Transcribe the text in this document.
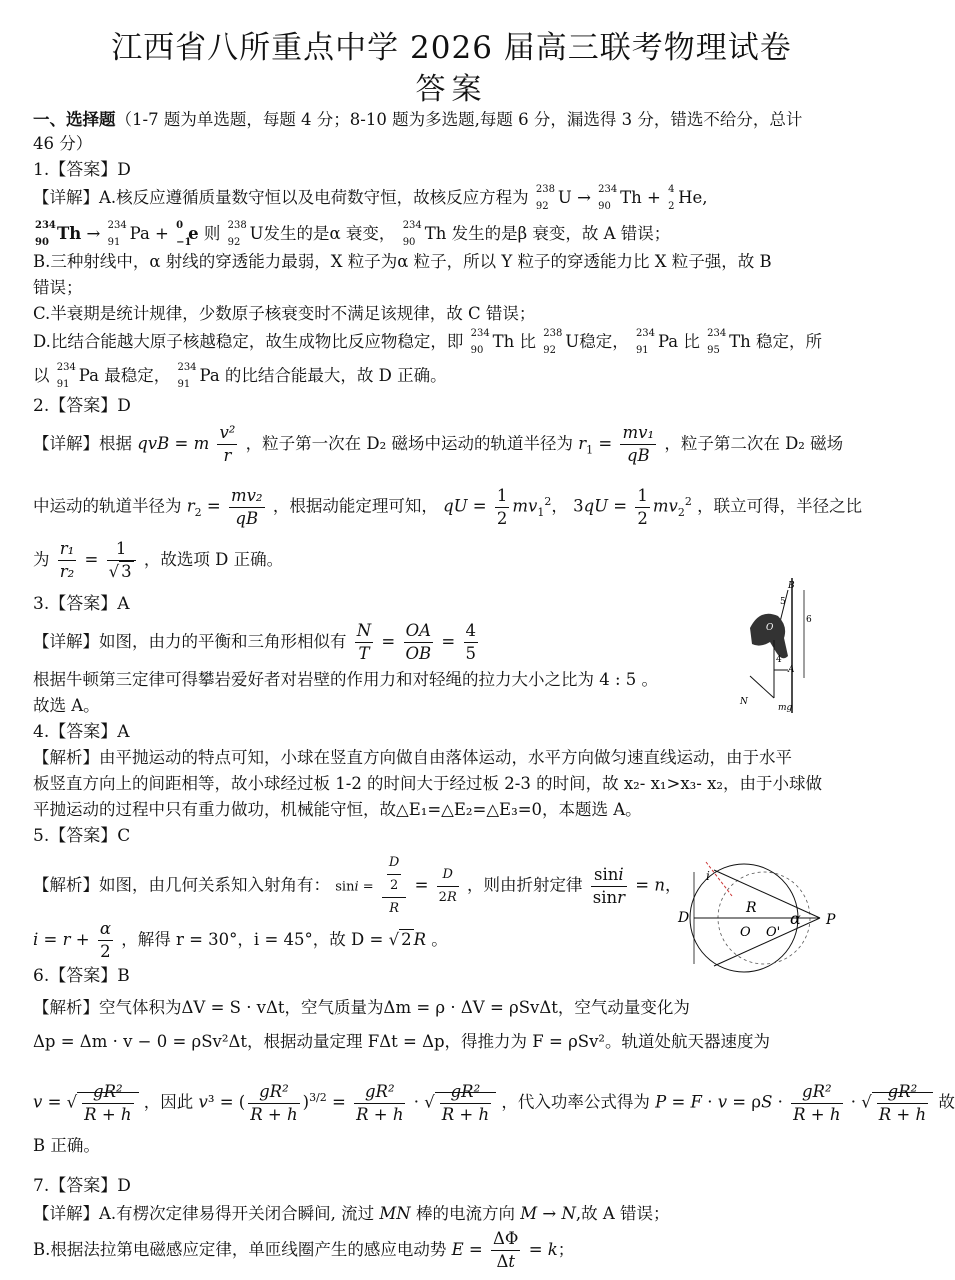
江西省八所重点中学 2026 届高三联考物理试卷
答案
一、选择题（1-7 题为单选题，每题 4 分；8-10 题为多选题,每题 6 分，漏选得 3 分，错选不给分，总计
46 分）
1.【答案】D
【详解】A.核反应遵循质量数守恒以及电荷数守恒，故核反应方程为 238
92 U → 234
90 Th + 4
2 He,
234
90 Th → 234
91 Pa + 0
−1
e 则 238
92 U发生的是α 衰变， 234
90 Th 发生的是β 衰变，故 A 错误；
B.三种射线中，α 射线的穿透能力最弱，X 粒子为α 粒子，所以 Y 粒子的穿透能力比 X 粒子强，故 B
错误；
C.半衰期是统计规律，少数原子核衰变时不满足该规律，故 C 错误；
D.比结合能越大原子核越稳定，故生成物比反应物稳定，即 234
90 Th 比 238
92 U稳定， 234
91 Pa 比 234
95 Th 稳定，所
以 234
91 Pa 最稳定， 234
91 Pa 的比结合能最大，故 D 正确。
2.【答案】D
【详解】根据 qvB = m $\frac{\text{v²}}{r}$ ，粒子第一次在 D₂ 磁场中运动的轨道半径为 $r_1 = \frac{\text{mv₁}}{qB}$ ，粒子第二次在 D₂ 磁场
中运动的轨道半径为 $r_2 = \frac{\text{mv₂}}{qB}$ ，根据动能定理可知， qU = $\frac{1}{2} mv_1^2$， $3qU = \frac{1}{2} mv_2^2$ ，联立可得，半径之比
为 $\frac{\text{r₁}}{\text{r₂}} = \frac{1}{√ 3}$ ，故选项 D 正确。
3.【答案】A
【详解】如图，由力的平衡和三角形相似有 $\frac{N}{T} = \frac{OA}{OB} = \frac{4}{5}$
根据牛顿第三定律可得攀岩爱好者对岩壁的作用力和对轻绳的拉力大小之比为 4 : 5 。
故选 A。
B
5
O
6
4
A
N
mg
4.【答案】A
【解析】由平抛运动的特点可知，小球在竖直方向做自由落体运动，水平方向做匀速直线运动，由于水平
板竖直方向上的间距相等，故小球经过板 1-2 的时间大于经过板 2-3 的时间，故 x₂- x₁>x₃- x₂，由于小球做
平抛运动的过程中只有重力做功，机械能守恒，故△E₁=△E₂=△E₃=0，本题选 A。
5.【答案】C
【解析】如图，由几何关系知入射角有： $\sin i = \frac{\frac{D}{2}}{R} = \frac{D}{2R}$ ，则由折射定律 $\frac{\sin i}{\sin r} = n$，
$i = r + \frac{\alpha}{2}$ ，解得 r = 30°，i = 45°，故 D = √ 2 R 。
i
R
D
O O'
α P
6.【答案】B
【解析】空气体积为ΔV = S · vΔt，空气质量为Δm = ρ · ΔV = ρSvΔt，空气动量变化为
Δp = Δm · v − 0 = ρSv²Δt，根据动量定理 FΔt = Δp，得推力为 F = ρSv²。轨道处航天器速度为
v = √ $\frac{\text{gR²}}{R + h}$ ，因此 v³ = ( $\frac{\text{gR²}}{R + h} )^{3/2} = \frac{\text{gR²}}{R + h}$ · √ $\frac{\text{gR²}}{R + h}$ ，代入功率公式得为 $P = F \cdot v = \rho S \cdot \frac{\text{gR²}}{R + h}$ · √ $\frac{\text{gR²}}{R + h}$ 故
B 正确。
7.【答案】D
【详解】A.有楞次定律易得开关闭合瞬间, 流过 MN 棒的电流方向 M → N,故 A 错误；
B.根据法拉第电磁感应定律，单匝线圈产生的感应电动势 $E = \frac{\Delta\Phi}{\Delta t} = k$；
